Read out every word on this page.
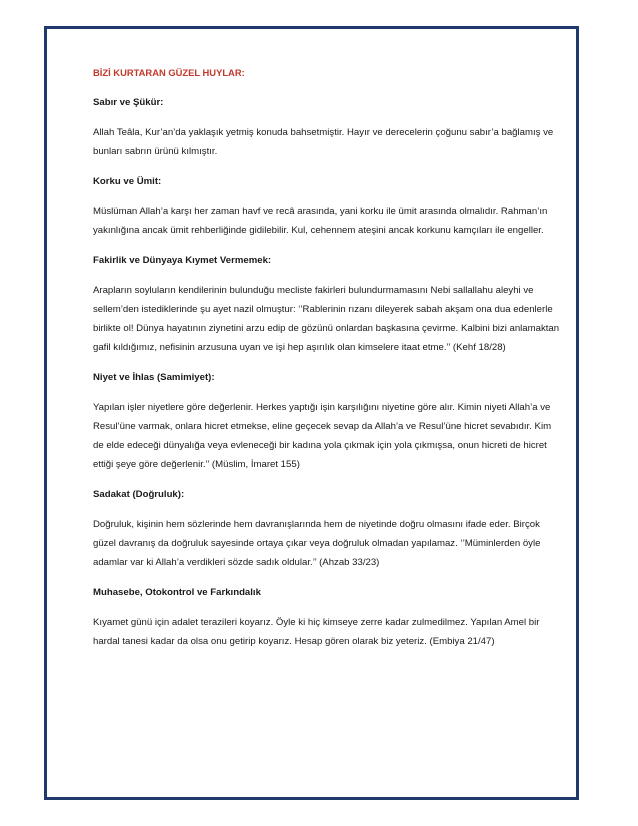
BİZİ KURTARAN GÜZEL HUYLAR:
Sabır ve Şükür:

Allah Teâla, Kur’an’da yaklaşık yetmiş konuda bahsetmiştir. Hayır ve derecelerin çoğunu sabır’a bağlamış ve bunları sabrın ürünü kılmıştır.

Korku ve Ümit:

Müslüman Allah’a karşı her zaman havf ve recâ arasında, yani korku ile ümit arasında olmalıdır. Rahman’ın yakınlığına ancak ümit rehberliğinde gidilebilir. Kul, cehennem ateşini ancak korkunu kamçıları ile engeller.

Fakirlik ve Dünyaya Kıymet Vermemek:

Arapların soyluların kendilerinin bulunduğu mecliste fakirleri bulundurmamasını Nebi sallallahu aleyhi ve sellem’den istediklerinde şu ayet nazil olmuştur: ‘’Rablerinin rızanı dileyerek sabah akşam ona dua edenlerle birlikte ol! Dünya hayatının ziynetini arzu edip de gözünü onlardan başkasına çevirme. Kalbini bizi anlamaktan gafil kıldığımız, nefisinin arzusuna uyan ve işi hep aşırılık olan kimselere itaat etme.’’ (Kehf 18/28)

Niyet ve İhlas (Samimiyet):

Yapılan işler niyetlere göre değerlenir. Herkes yaptığı işin karşılığını niyetine göre alır. Kimin niyeti Allah’a ve Resul’üne varmak, onlara hicret etmekse, eline geçecek sevap da Allah’a ve Resul’üne hicret sevabıdır. Kim de elde edeceği dünyalığa veya evleneceği bir kadına yola çıkmak için yola çıkmışsa, onun hicreti de hicret ettiği şeye göre değerlenir.’’ (Müslim, İmaret 155)

Sadakat (Doğruluk):

Doğruluk, kişinin hem sözlerinde hem davranışlarında hem de niyetinde doğru olmasını ifade eder. Birçok güzel davranış da doğruluk sayesinde ortaya çıkar veya doğruluk olmadan yapılamaz. ‘’Müminlerden öyle adamlar var ki Allah’a verdikleri sözde sadık oldular.’’ (Ahzab 33/23)

Muhasebe, Otokontrol ve Farkındalık

Kıyamet günü için adalet terazileri koyarız. Öyle ki hiç kimseye zerre kadar zulmedilmez. Yapılan Amel bir hardal tanesi kadar da olsa onu getirip koyarız. Hesap gören olarak biz yeteriz. (Embiya 21/47)
